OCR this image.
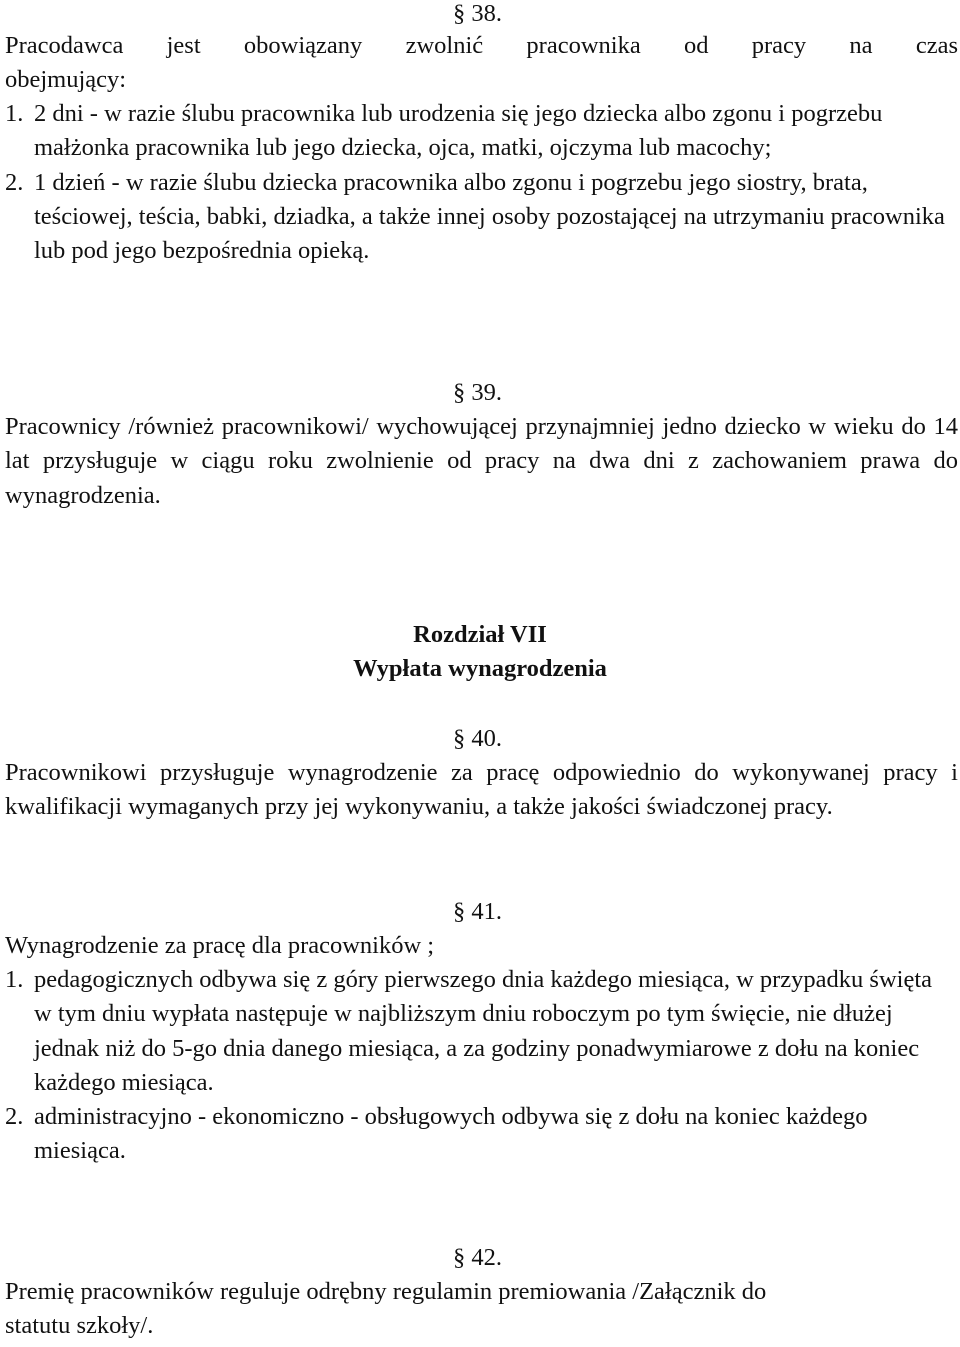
§ 38.

Pracodawca jest obowiązany zwolnić pracownika od pracy na czas

obejmujący:

1. 2 dni - w razie ślubu pracownika lub urodzenia się jego dziecka albo zgonu i pogrzebu małżonka pracownika lub jego dziecka, ojca, matki, ojczyma lub macochy;
2. 1 dzień - w razie ślubu dziecka pracownika albo zgonu i pogrzebu jego siostry, brata, teściowej, teścia, babki, dziadka, a także innej osoby pozostającej na utrzymaniu pracownika lub pod jego bezpośrednia opieką.

§ 39.

Pracownicy /również pracownikowi/ wychowującej przynajmniej jedno dziecko w wieku do 14 lat przysługuje w ciągu roku zwolnienie od pracy na dwa dni z zachowaniem prawa do wynagrodzenia.

Rozdział VII

Wypłata wynagrodzenia

§ 40.

Pracownikowi przysługuje wynagrodzenie za pracę odpowiednio do wykonywanej pracy i kwalifikacji wymaganych przy jej wykonywaniu, a także jakości świadczonej pracy.

§ 41.

Wynagrodzenie za pracę dla pracowników ;

1. pedagogicznych odbywa się z góry pierwszego dnia każdego miesiąca, w przypadku święta w tym dniu wypłata następuje w najbliższym dniu roboczym po tym święcie, nie dłużej jednak niż do 5-go dnia danego miesiąca, a za godziny ponadwymiarowe z dołu na koniec każdego miesiąca.
2. administracyjno - ekonomiczno - obsługowych odbywa się z dołu na koniec każdego miesiąca.

§ 42.

Premię pracowników reguluje odrębny regulamin premiowania /Załącznik do statutu szkoły/.
